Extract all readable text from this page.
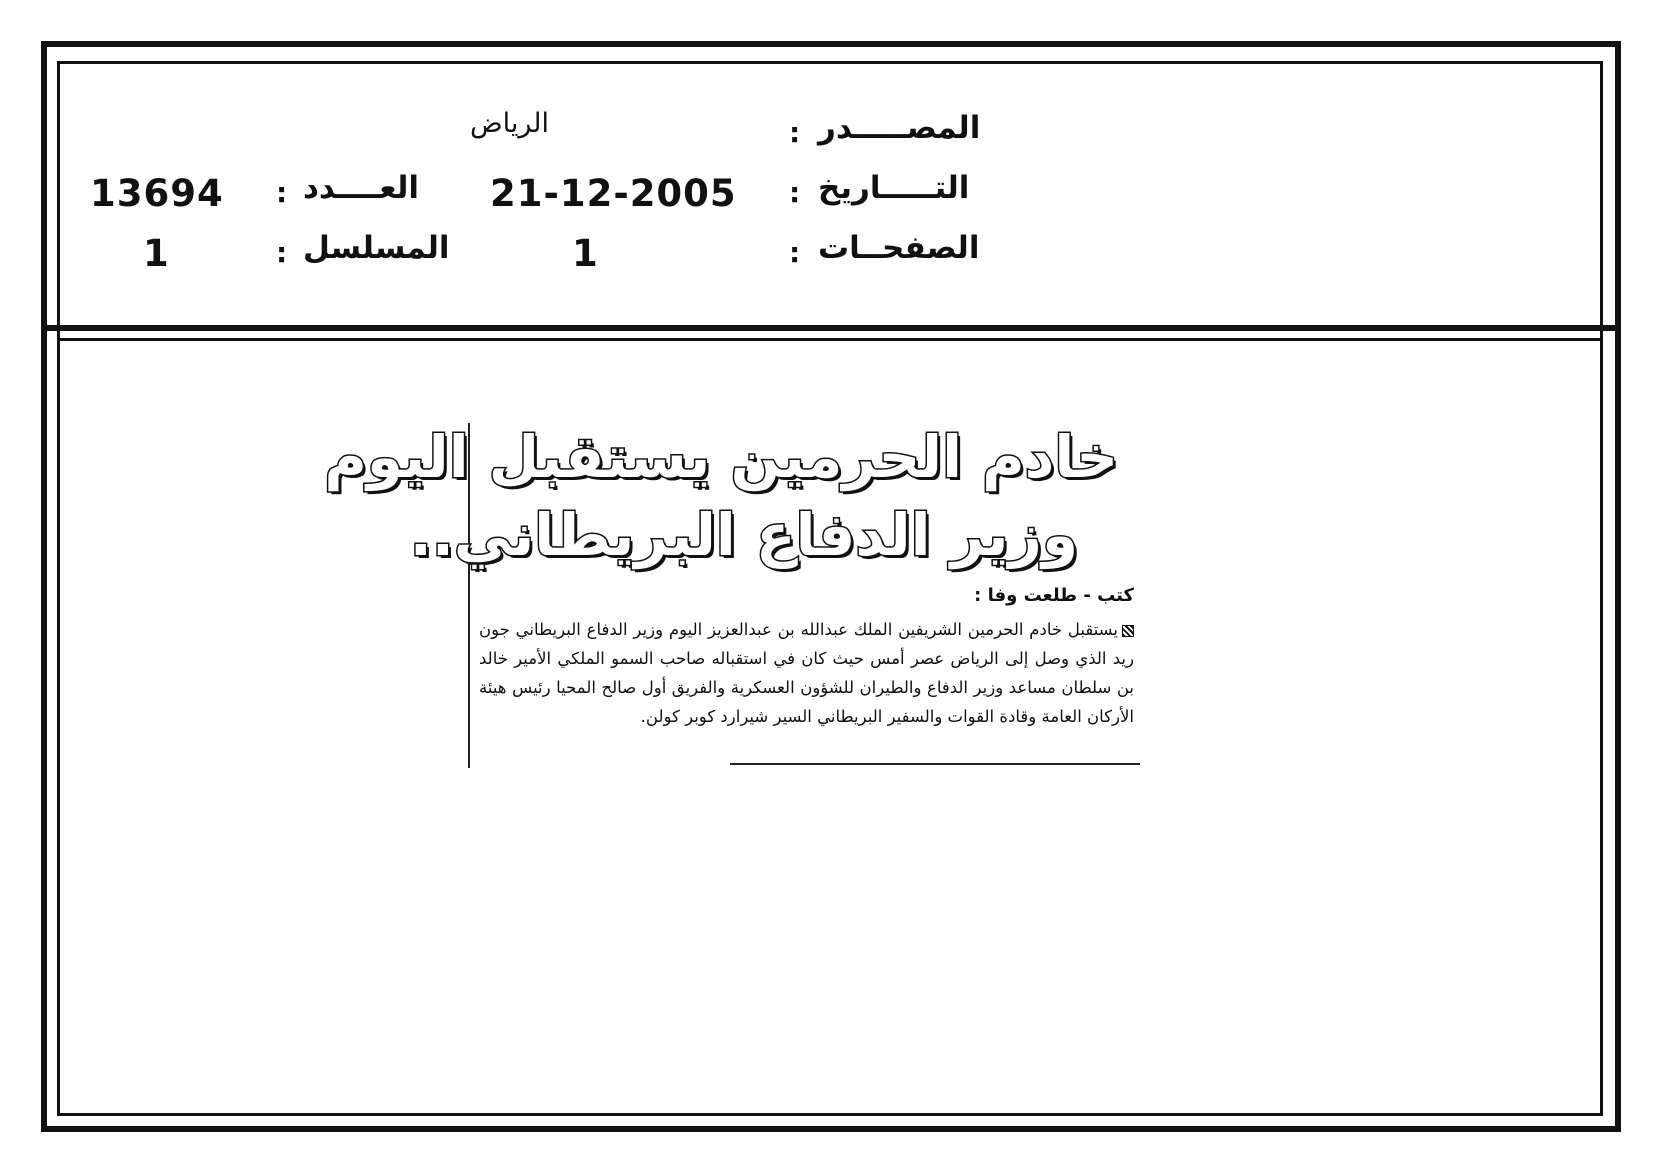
المصـــــدر
:
الرياض
التـــــاريخ
:
21-12-2005
العــــدد
:
13694
الصفحــات
:
1
المسلسل
:
1
خادم الحرمين يستقبل اليوم
وزير الدفاع البريطاني..
كتب - طلعت وفا :
يستقبل خادم الحرمين الشريفين الملك عبدالله بن عبدالعزيز اليوم وزير الدفاع البريطاني جون ريد الذي وصل إلى الرياض عصر أمس حيث كان في استقباله صاحب السمو الملكي الأمير خالد بن سلطان مساعد وزير الدفاع والطيران للشؤون العسكرية والفريق أول صالح المحيا رئيس هيئة الأركان العامة وقادة القوات والسفير البريطاني السير شيرارد كوبر كولن.
